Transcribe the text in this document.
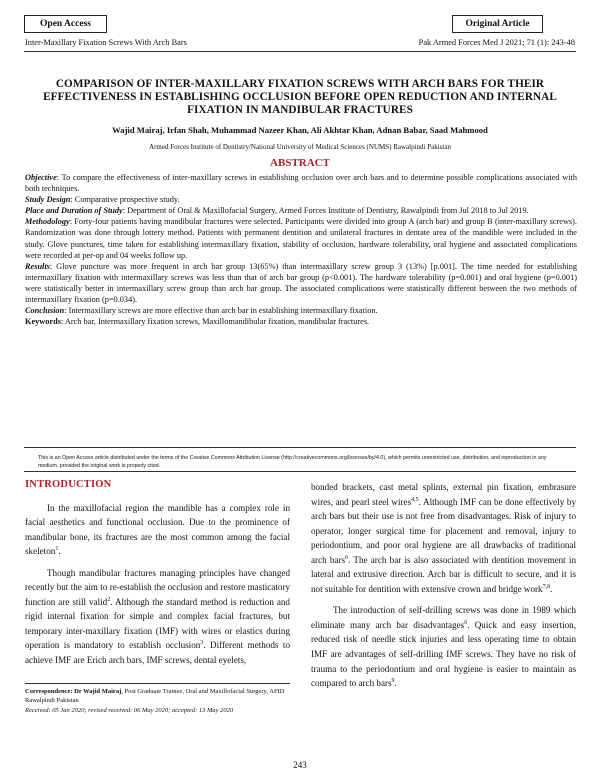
Open Access	Original Article
Inter-Maxillary Fixation Screws With Arch Bars	Pak Armed Forces Med J 2021; 71 (1): 243-48
COMPARISON OF INTER-MAXILLARY FIXATION SCREWS WITH ARCH BARS FOR THEIR EFFECTIVENESS IN ESTABLISHING OCCLUSION BEFORE OPEN REDUCTION AND INTERNAL FIXATION IN MANDIBULAR FRACTURES
Wajid Mairaj, Irfan Shah, Muhammad Nazeer Khan, Ali Akhtar Khan, Adnan Babar, Saad Mahmood
Armed Forces Institute of Dentistry/National University of Medical Sciences (NUMS) Rawalpindi Pakistan
ABSTRACT

Objective: To compare the effectiveness of inter-maxillary screws in establishing occlusion over arch bars and to determine possible complications associated with both techniques.

Study Design: Comparative prospective study.

Place and Duration of Study: Department of Oral & Maxillofacial Surgery, Armed Forces Institute of Dentistry, Rawalpindi from Jul 2018 to Jul 2019.

Methodology: Forty-four patients having mandibular fractures were selected. Participants were divided into group A (arch bar) and group B (inter-maxillary screws). Randomization was done through lottery method. Patients with permanent dentition and unilateral fractures in dentate area of the mandible were included in the study. Glove punctures, time taken for establishing intermaxillary fixation, stability of occlusion, hardware tolerability, oral hygiene and associated complications were recorded at per-op and 04 weeks follow up.

Results: Glove puncture was more frequent in arch bar group 13(65%) than intermaxillary screw group 3 (13%) [p.001]. The time needed for establishing intermaxillary fixation with intermaxillary screws was less than that of arch bar group (p<0.001). The hardware tolerability (p=0.001) and oral hygiene (p=0.001) were statistically better in intermaxillary screw group than arch bar group. The associated complications were statistically different between the two methods of intermaxillary fixation (p=0.034).

Conclusion: Intermaxillary screws are more effective than arch bar in establishing intermaxillary fixation.

Keywords: Arch bar, Intermaxillary fixation screws, Maxillomandibular fixation, mandibular fractures.

This is an Open Access article distributed under the terms of the Creative Commons Attribution License (http://creativecommons.org/licenses/by/4.0), which permits unrestricted use, distribution, and reproduction in any medium, provided the original work is properly cited.
INTRODUCTION

In the maxillofacial region the mandible has a complex role in facial aesthetics and functional occlusion. Due to the prominence of mandibular bone, its fractures are the most common among the facial skeleton$^1$.

Though mandibular fractures managing principles have changed recently but the aim to re-establish the occlusion and restore masticatory function are still valid$^2$. Although the standard method is reduction and rigid internal fixation for simple and complex facial fractures, but temporary inter-maxillary fixation (IMF) with wires or elastics during operation is mandatory to establish occlusion$^3$. Different methods to achieve IMF are Erich arch bars, IMF screws, dental eyelets,

bonded brackets, cast metal splints, external pin fixation, embrasure wires, and pearl steel wires$^{4,5}$. Although IMF can be done effectively by arch bars but their use is not free from disadvantages. Risk of injury to operator, longer surgical time for placement and removal, injury to periodontium, and poor oral hygiene are all drawbacks of traditional arch bars$^6$. The arch bar is also associated with dentition movement in lateral and extrusive direction. Arch bar is difficult to secure, and it is not suitable for dentition with extensive crown and bridge work$^{7,8}$.

The introduction of self-drilling screws was done in 1989 which eliminate many arch bar disadvantages$^6$. Quick and easy insertion, reduced risk of needle stick injuries and less operating time to obtain IMF are advantages of self-drilling IMF screws. They have no risk of trauma to the periodontium and oral hygiene is easier to maintain as compared to arch bars$^9$.

Correspondence: Dr Wajid Mairaj, Post Graduate Trainee, Oral and Maxillofacial Surgery, AFID Rawalpindi Pakistan
Received: 05 Jan 2020; revised received: 06 May 2020; accepted: 13 May 2020
243
